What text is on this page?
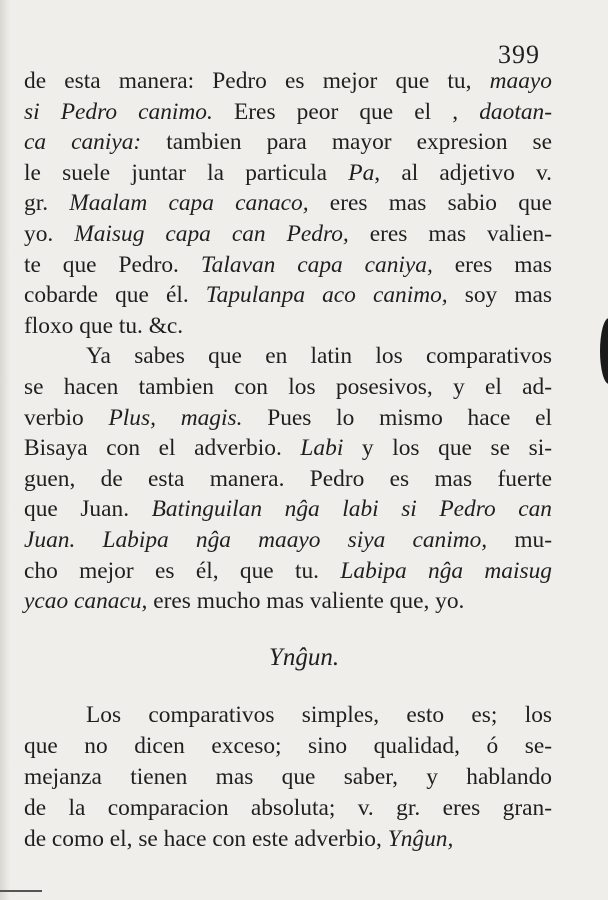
399
de esta manera: Pedro es mejor que tu, maayo
si Pedro canimo. Eres peor que el , daotan-
ca caniya: tambien para mayor expresion se
le suele juntar la particula Pa, al adjetivo v.
gr. Maalam capa canaco, eres mas sabio que
yo. Maisug capa can Pedro, eres mas valien-
te que Pedro. Talavan capa caniya, eres mas
cobarde que él. Tapulanpa aco canimo, soy mas
floxo que tu. &c.
Ya sabes que en latin los comparativos
se hacen tambien con los posesivos, y el ad-
verbio Plus, magis. Pues lo mismo hace el
Bisaya con el adverbio. Labi y los que se si-
guen, de esta manera. Pedro es mas fuerte
que Juan. Batinguilan nĝa labi si Pedro can
Juan. Labipa nĝa maayo siya canimo, mu-
cho mejor es él, que tu. Labipa nĝa maisug
ycao canacu, eres mucho mas valiente que, yo.
Ynĝun.
Los comparativos simples, esto es; los
que no dicen exceso; sino qualidad, ó se-
mejanza tienen mas que saber, y hablando
de la comparacion absoluta; v. gr. eres gran-
de como el, se hace con este adverbio, Ynĝun,
